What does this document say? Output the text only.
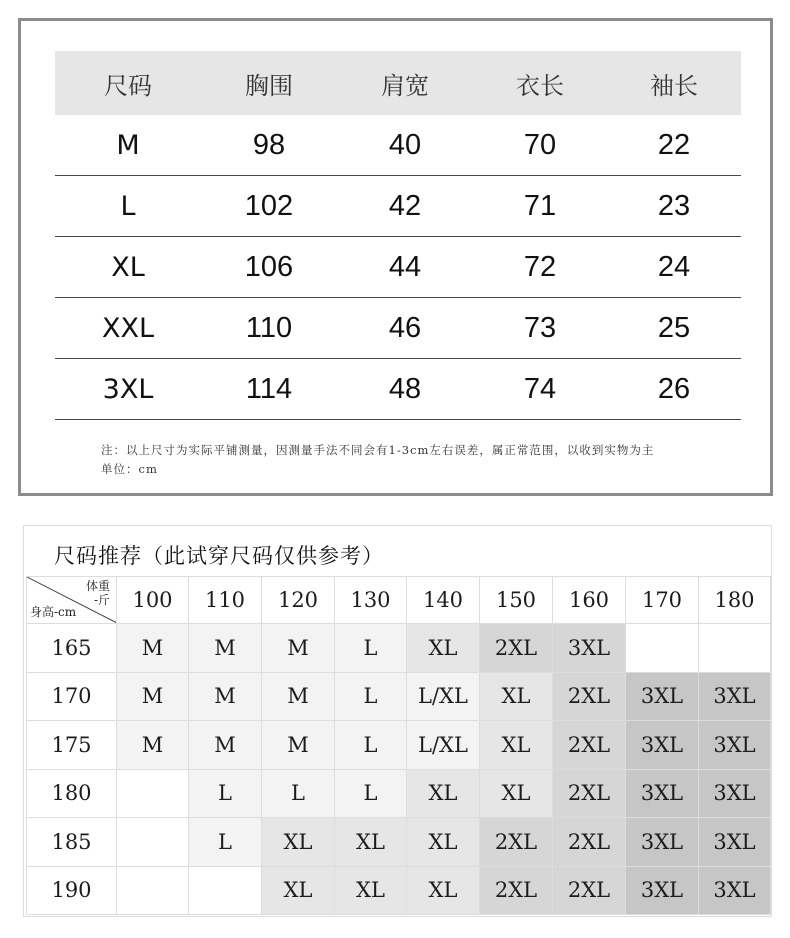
尺码	胸围	肩宽	衣长	袖长
M	98	40	70	22
L	102	42	71	23
XL	106	44	72	24
XXL	110	46	73	25
3XL	114	48	74	26
注：以上尺寸为实际平铺测量，因测量手法不同会有1-3cm左右误差，属正常范围，以收到实物为主
单位：cm
尺码推荐（此试穿尺码仅供参考）
体重
-斤
身高-cm	100	110	120	130	140	150	160	170	180
165	M	M	M	L	XL	2XL	3XL		
170	M	M	M	L	L/XL	XL	2XL	3XL	3XL
175	M	M	M	L	L/XL	XL	2XL	3XL	3XL
180		L	L	L	XL	XL	2XL	3XL	3XL
185		L	XL	XL	XL	2XL	2XL	3XL	3XL
190			XL	XL	XL	2XL	2XL	3XL	3XL
